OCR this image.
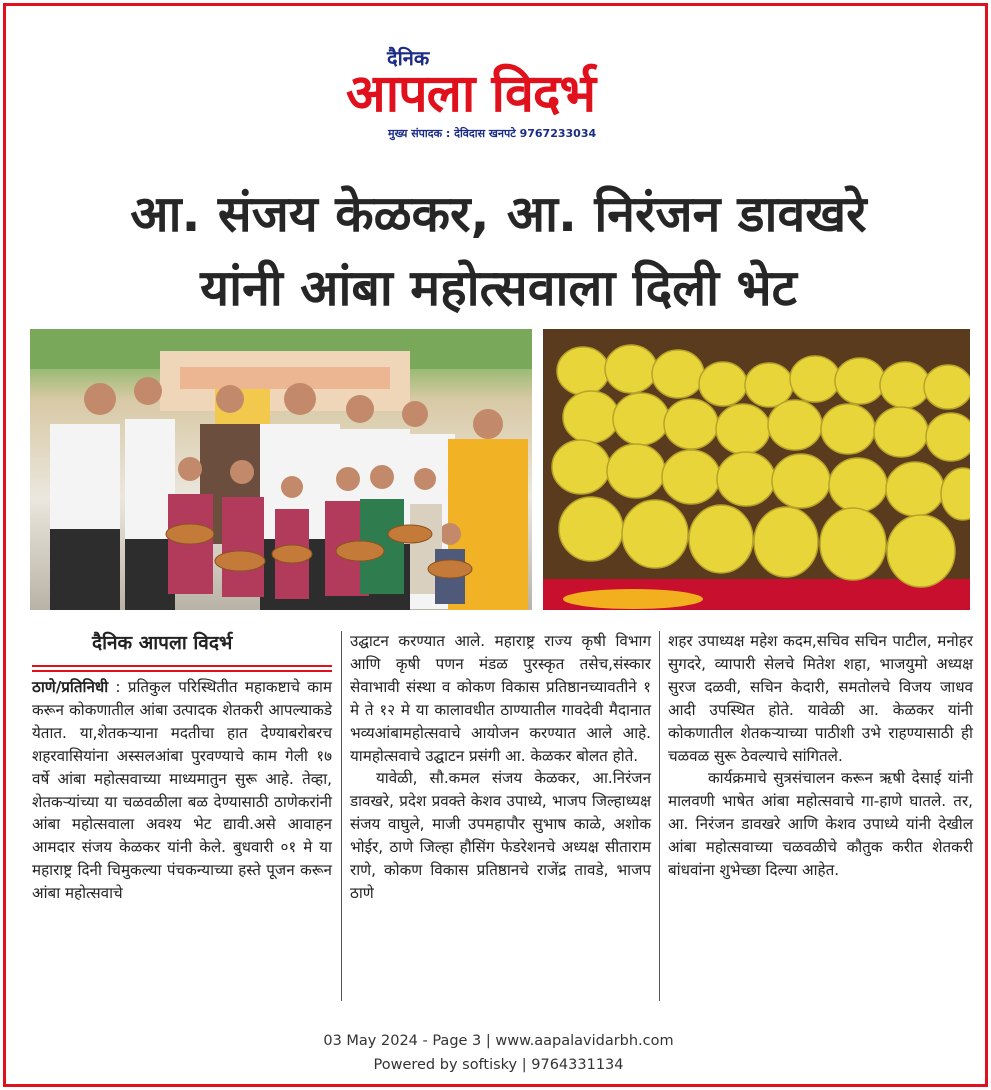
दैनिक
आपला विदर्भ
मुख्य संपादक : देविदास खनपटे 9767233034
आ. संजय केळकर, आ. निरंजन डावखरे
यांनी आंबा महोत्सवाला दिली भेट
दैनिक आपला विदर्भ

ठाणे/प्रतिनिधी : प्रतिकुल परिस्थितीत महाकष्टाचे काम करून कोकणातील आंबा उत्पादक शेतकरी आपल्याकडे येतात. या,शेतकऱ्याना मदतीचा हात देण्याबरोबरच शहरवासियांना अस्सलआंबा पुरवण्याचे काम गेली १७ वर्षे आंबा महोत्सवाच्या माध्यमातुन सुरू आहे. तेव्हा, शेतकऱ्यांच्या या चळवळीला बळ देण्यासाठी ठाणेकरांनी आंबा महोत्सवाला अवश्य भेट द्यावी.असे आवाहन आमदार संजय केळकर यांनी केले. बुधवारी ०१ मे या महाराष्ट्र दिनी चिमुकल्या पंचकन्याच्या हस्ते पूजन करून आंबा महोत्सवाचे

उद्घाटन करण्यात आले. महाराष्ट्र राज्य कृषी विभाग आणि कृषी पणन मंडळ पुरस्कृत तसेच,संस्कार सेवाभावी संस्था व कोकण विकास प्रतिष्ठानच्यावतीने १ मे ते १२ मे या कालावधीत ठाण्यातील गावदेवी मैदानात भव्यआंबामहोत्सवाचे आयोजन करण्यात आले आहे. यामहोत्सवाचे उद्घाटन प्रसंगी आ. केळकर बोलत होते.

यावेळी, सौ.कमल संजय केळकर, आ.निरंजन डावखरे, प्रदेश प्रवक्ते केशव उपाध्ये, भाजप जिल्हाध्यक्ष संजय वाघुले, माजी उपमहापौर सुभाष काळे, अशोक भोईर, ठाणे जिल्हा हौसिंग फेडरेशनचे अध्यक्ष सीताराम राणे, कोकण विकास प्रतिष्ठानचे राजेंद्र तावडे, भाजप ठाणे

शहर उपाध्यक्ष महेश कदम,सचिव सचिन पाटील, मनोहर सुगदरे, व्यापारी सेलचे मितेश शहा, भाजयुमो अध्यक्ष सुरज दळवी, सचिन केदारी, समतोलचे विजय जाधव आदी उपस्थित होते. यावेळी आ. केळकर यांनी कोकणातील शेतकऱ्याच्या पाठीशी उभे राहण्यासाठी ही चळवळ सुरू ठेवल्याचे सांगितले.

कार्यक्रमाचे सुत्रसंचालन करून ऋषी देसाई यांनी मालवणी भाषेत आंबा महोत्सवाचे गा-हाणे घातले. तर, आ. निरंजन डावखरे आणि केशव उपाध्ये यांनी देखील आंबा महोत्सवाच्या चळवळीचे कौतुक करीत शेतकरी बांधवांना शुभेच्छा दिल्या आहेत.

03 May 2024 - Page 3 | www.aapalavidarbh.com
Powered by softisky | 9764331134
